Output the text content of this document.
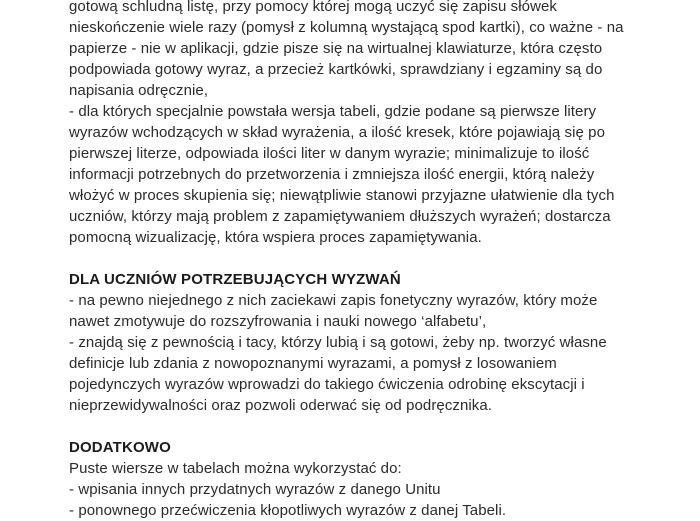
gotową schludną listę, przy pomocy której mogą uczyć się zapisu słówek
nieskończenie wiele razy (pomysł z kolumną wystającą spod kartki), co ważne - na
papierze - nie w aplikacji, gdzie pisze się na wirtualnej klawiaturze, która często
podpowiada gotowy wyraz, a przecież kartkówki, sprawdziany i egzaminy są do
napisania odręcznie,
- dla których specjalnie powstała wersja tabeli, gdzie podane są pierwsze litery
wyrazów wchodzących w skład wyrażenia, a ilość kresek, które pojawiają się po
pierwszej literze, odpowiada ilości liter w danym wyrazie; minimalizuje to ilość
informacji potrzebnych do przetworzenia i zmniejsza ilość energii, którą należy
włożyć w proces skupienia się; niewątpliwie stanowi przyjazne ułatwienie dla tych
uczniów, którzy mają problem z zapamiętywaniem dłuższych wyrażeń; dostarcza
pomocną wizualizację, która wspiera proces zapamiętywania.
DLA UCZNIÓW POTRZEBUJĄCYCH WYZWAŃ
- na pewno niejednego z nich zaciekawi zapis fonetyczny wyrazów, który może
nawet zmotywuje do rozszyfrowania i nauki nowego ‘alfabetu’,
- znajdą się z pewnością i tacy, którzy lubią i są gotowi, żeby np. tworzyć własne
definicje lub zdania z nowopoznanymi wyrazami, a pomysł z losowaniem
pojedynczych wyrazów wprowadzi do takiego ćwiczenia odrobinę ekscytacji i
nieprzewidywalności oraz pozwoli oderwać się od podręcznika.
DODATKOWO
Puste wiersze w tabelach można wykorzystać do:
- wpisania innych przydatnych wyrazów z danego Unitu
- ponownego przećwiczenia kłopotliwych wyrazów z danej Tabeli.
